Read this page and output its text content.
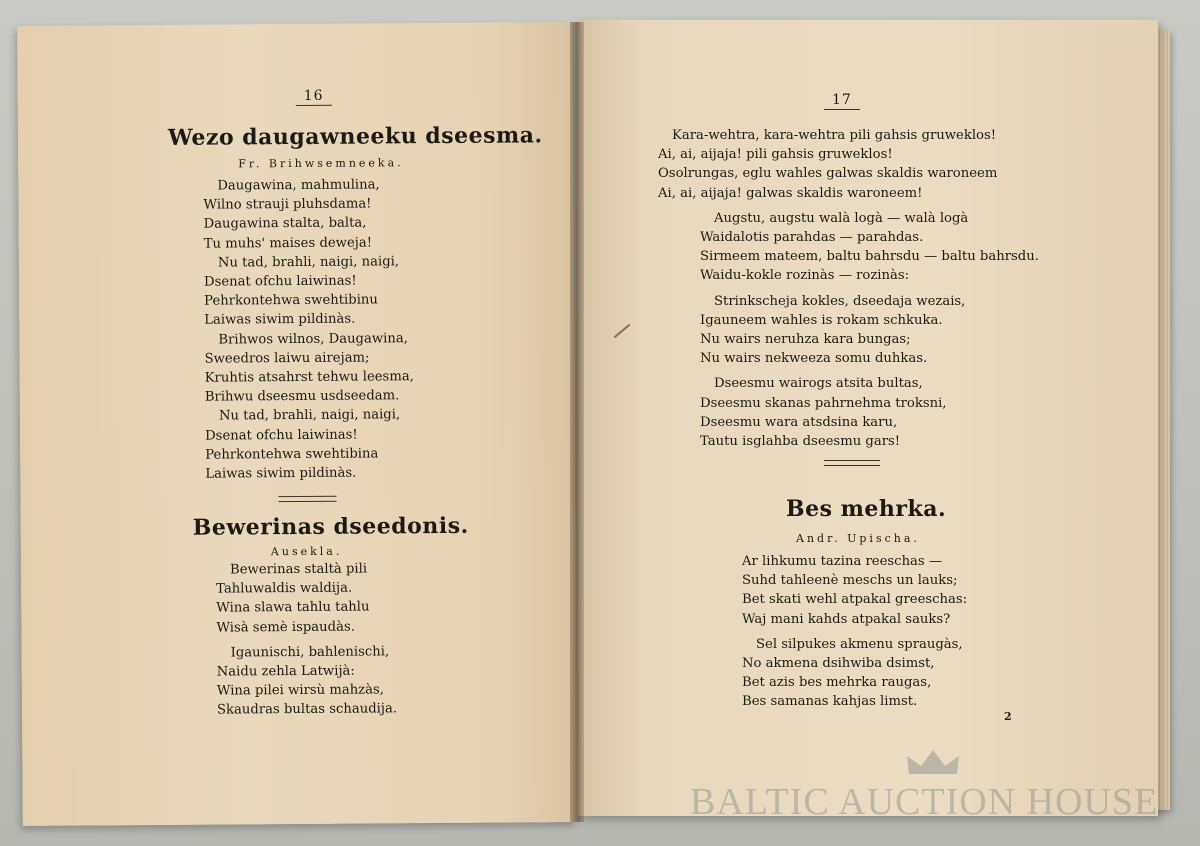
16
Wezo daugawneeku dseesma.
Fr. Brihwsemneeka.
Daugawina, mahmulina,
Wilno strauji pluhsdama!
Daugawina stalta, balta,
Tu muhs' maises deweja!
Nu tad, brahli, naigi, naigi,
Dsenat ofchu laiwinas!
Pehrkontehwa swehtibinu
Laiwas siwim pildinàs.
Brihwos wilnos, Daugawina,
Sweedros laiwu airejam;
Kruhtis atsahrst tehwu leesma,
Brihwu dseesmu usdseedam.
Nu tad, brahli, naigi, naigi,
Dsenat ofchu laiwinas!
Pehrkontehwa swehtibina
Laiwas siwim pildinàs.
Bewerinas dseedonis.
Ausekla.
Bewerinas staltà pili
Tahluwaldis waldija.
Wina slawa tahlu tahlu
Wisà semè ispaudàs.
Igaunischi, bahlenischi,
Naidu zehla Latwijà:
Wina pilei wirsù mahzàs,
Skaudras bultas schaudija.
17
Kara-wehtra, kara-wehtra pili gahsis gruweklos!
Ai, ai, aijaja! pili gahsis gruweklos!
Osolrungas, eglu wahles galwas skaldis waroneem
Ai, ai, aijaja! galwas skaldis waroneem!
Augstu, augstu walà logà — walà logà
Waidalotis parahdas — parahdas.
Sirmeem mateem, baltu bahrsdu — baltu bahrsdu.
Waidu-kokle rozinàs — rozinàs:
Strinkscheja kokles, dseedaja wezais,
Igauneem wahles is rokam schkuka.
Nu wairs neruhza kara bungas;
Nu wairs nekweeza somu duhkas.
Dseesmu wairogs atsita bultas,
Dseesmu skanas pahrnehma troksni,
Dseesmu wara atsdsina karu,
Tautu isglahba dseesmu gars!
Bes mehrka.
Andr. Upischa.
Ar lihkumu tazina reeschas —
Suhd tahleenè meschs un lauks;
Bet skati wehl atpakal greeschas:
Waj mani kahds atpakal sauks?
Sel silpukes akmenu spraugàs,
No akmena dsihwiba dsimst,
Bet azis bes mehrka raugas,
Bes samanas kahjas limst.
2
BALTIC AUCTION HOUSE
